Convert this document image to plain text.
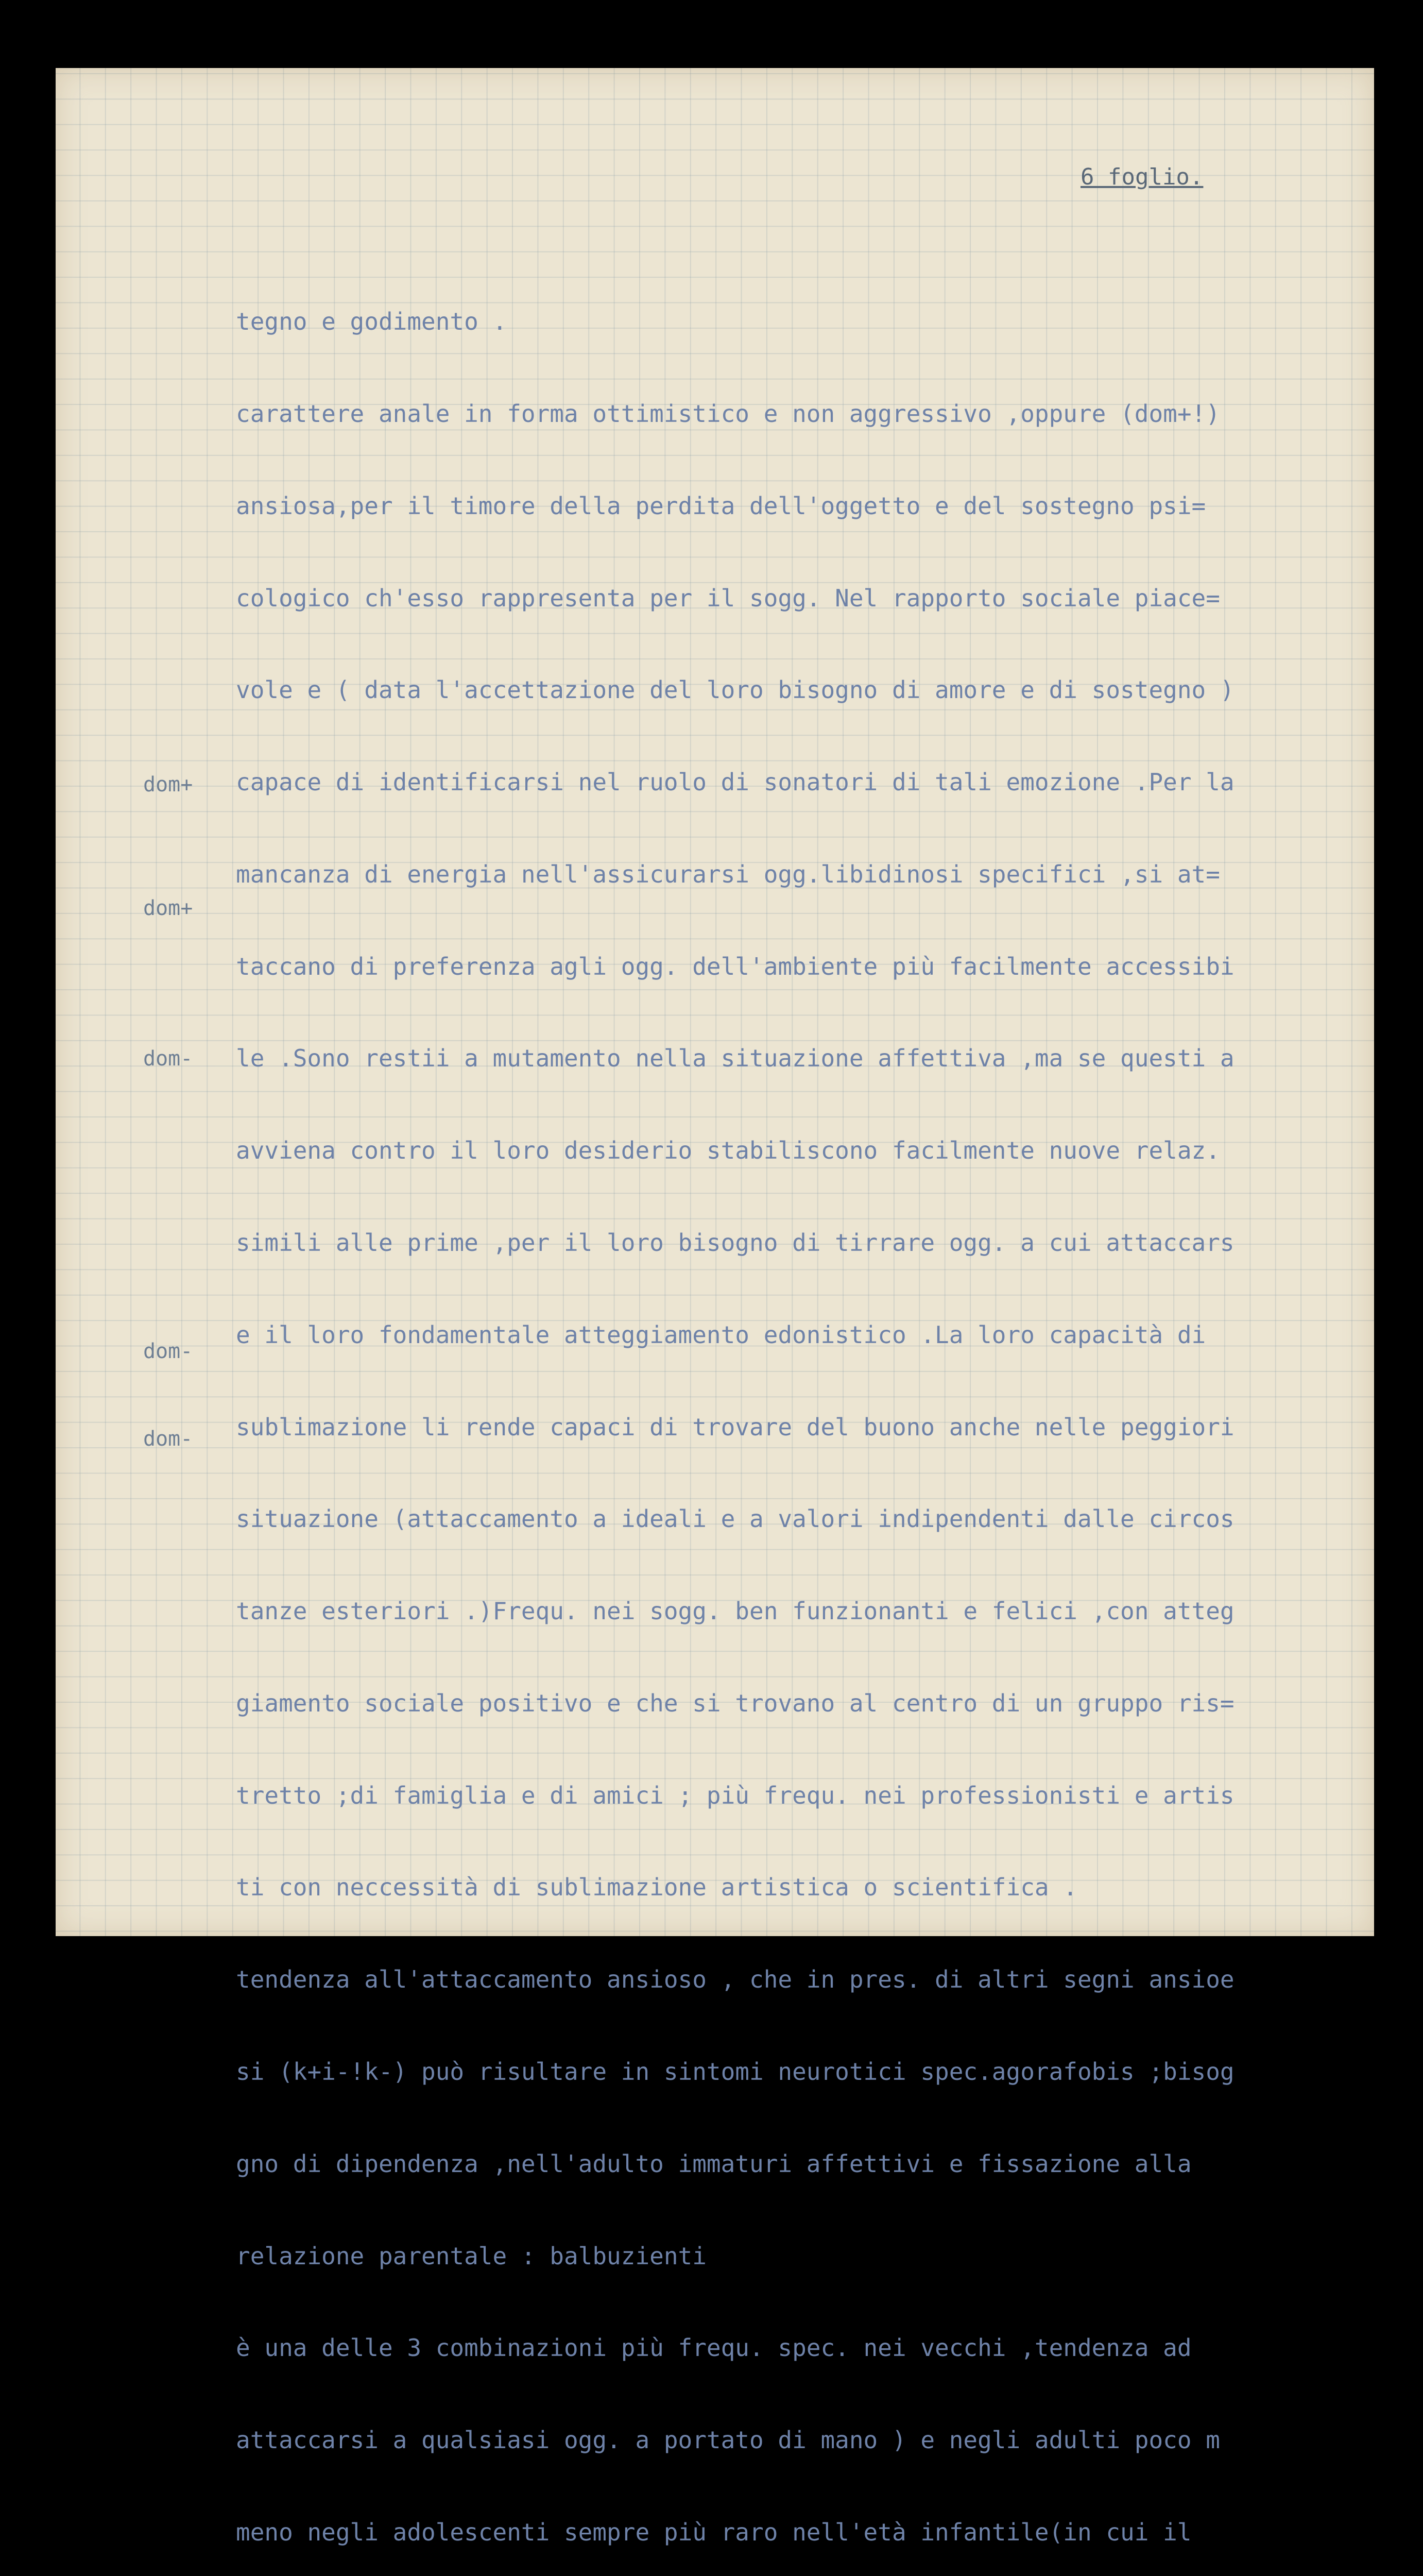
6 foglio.
dom+
dom+
dom-
dom-
dom-

tegno e godimento .

carattere anale in forma ottimistico e non aggressivo ,oppure (dom+!)

ansiosa,per il timore della perdita dell'oggetto e del sostegno psi=

cologico ch'esso rappresenta per il sogg. Nel rapporto sociale piace=

vole e ( data l'accettazione del loro bisogno di amore e di sostegno )

capace di identificarsi nel ruolo di sonatori di tali emozione .Per la

mancanza di energia nell'assicurarsi ogg.libidinosi specifici ,si at=

taccano di preferenza agli ogg. dell'ambiente più facilmente accessibi

le .Sono restii a mutamento nella situazione affettiva ,ma se questi a

avviena contro il loro desiderio stabiliscono facilmente nuove relaz.

simili alle prime ,per il loro bisogno di tirrare ogg. a cui attaccars

e il loro fondamentale atteggiamento edonistico .La loro capacità di

sublimazione li rende capaci di trovare del buono anche nelle peggiori

situazione (attaccamento a ideali e a valori indipendenti dalle circos

tanze esteriori .)Frequ. nei sogg. ben funzionanti e felici ,con atteg

giamento sociale positivo e che si trovano al centro di un gruppo ris=

tretto ;di famiglia e di amici ; più frequ. nei professionisti e artis

ti con neccessità di sublimazione artistica o scientifica .

tendenza all'attaccamento ansioso , che in pres. di altri segni ansioe

si (k+i-!k-) può risultare in sintomi neurotici spec.agorafobis ;bisog

gno di dipendenza ,nell'adulto immaturi affettivi e fissazione alla

relazione parentale : balbuzienti

è una delle 3 combinazioni più frequ. spec. nei vecchi ,tendenza ad

attaccarsi a qualsiasi ogg. a portato di mano ) e negli adulti poco m

meno negli adolescenti sempre più raro nell'età infantile(in cui il
